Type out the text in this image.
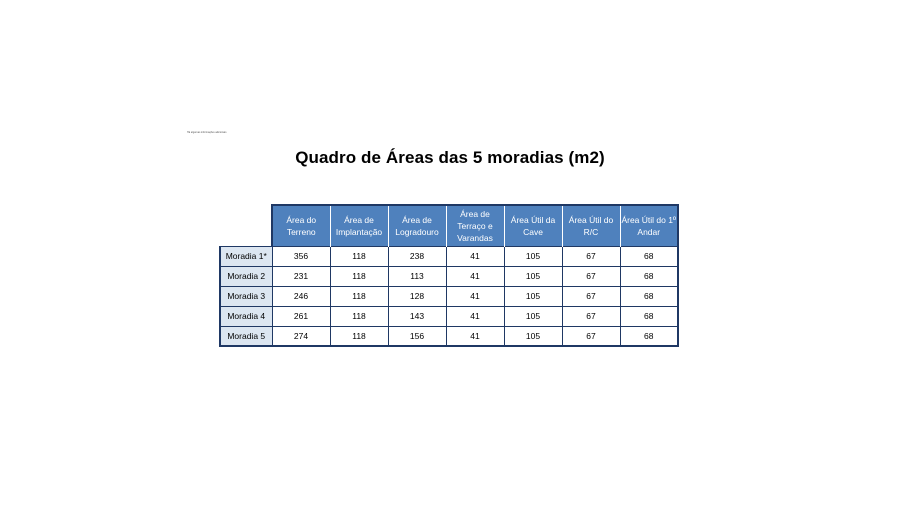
Há algumas informações adicionais
Quadro de Áreas das 5 moradias (m2)
	Área do Terreno	Área de Implantação	Área de Logradouro	Área de Terraço e Varandas	Área Útil da Cave	Área Útil do R/C	Área Útil do 1º Andar
Moradia 1*	356	118	238	41	105	67	68
Moradia 2	231	118	113	41	105	67	68
Moradia 3	246	118	128	41	105	67	68
Moradia 4	261	118	143	41	105	67	68
Moradia 5	274	118	156	41	105	67	68
